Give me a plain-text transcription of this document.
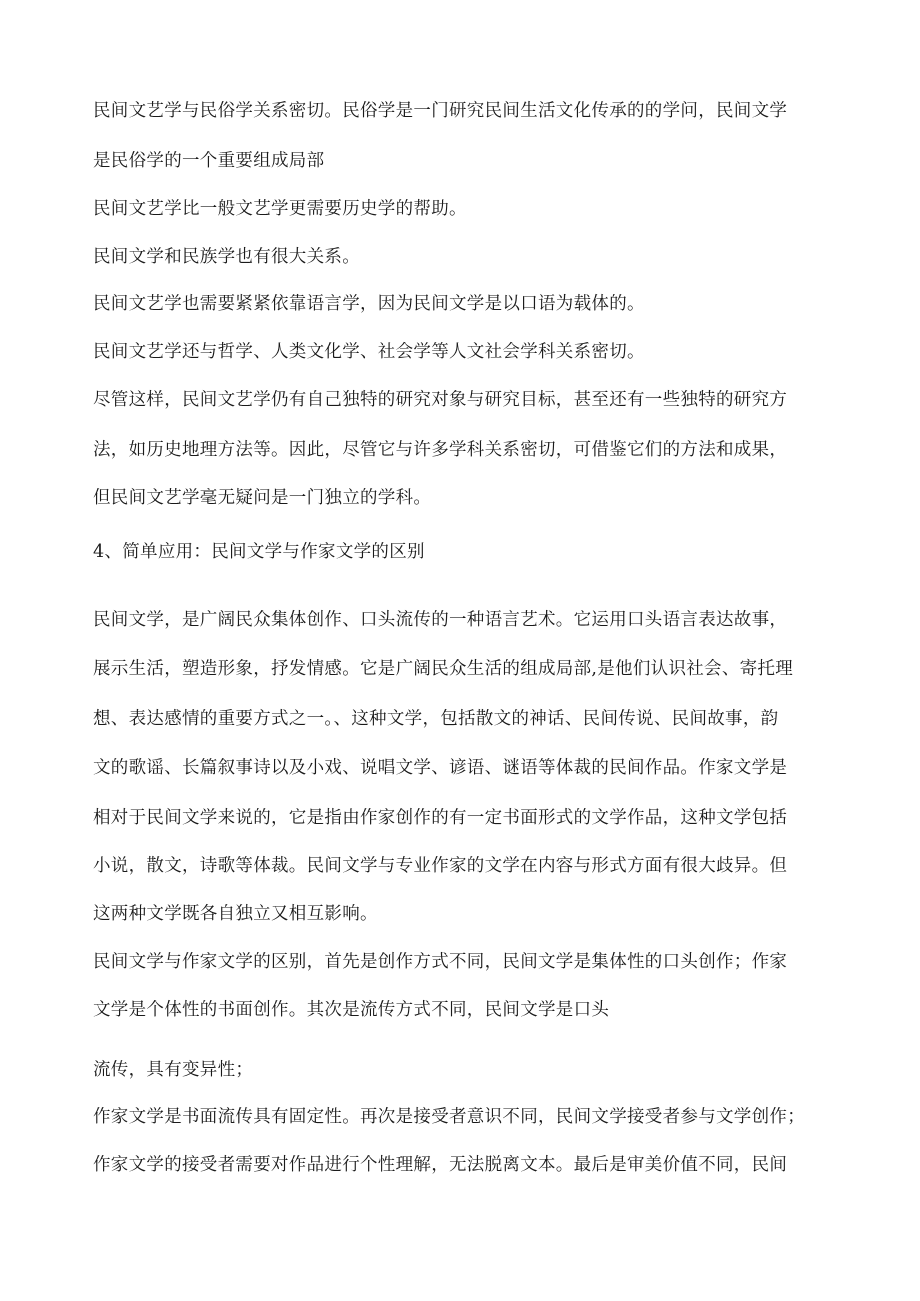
民间文艺学与民俗学关系密切。民俗学是一门研究民间生活文化传承的的学问，民间文学

是民俗学的一个重要组成局部

民间文艺学比一般文艺学更需要历史学的帮助。

民间文学和民族学也有很大关系。

民间文艺学也需要紧紧依靠语言学，因为民间文学是以口语为载体的。

民间文艺学还与哲学、人类文化学、社会学等人文社会学科关系密切。

尽管这样，民间文艺学仍有自己独特的研究对象与研究目标，甚至还有一些独特的研究方

法，如历史地理方法等。因此，尽管它与许多学科关系密切，可借鉴它们的方法和成果，

但民间文艺学毫无疑问是一门独立的学科。

4、简单应用：民间文学与作家文学的区别

民间文学，是广阔民众集体创作、口头流传的一种语言艺术。它运用口头语言表达故事，

展示生活，塑造形象，抒发情感。它是广阔民众生活的组成局部,是他们认识社会、寄托理

想、表达感情的重要方式之一。、这种文学，包括散文的神话、民间传说、民间故事，韵

文的歌谣、长篇叙事诗以及小戏、说唱文学、谚语、谜语等体裁的民间作品。作家文学是

相对于民间文学来说的，它是指由作家创作的有一定书面形式的文学作品，这种文学包括

小说，散文，诗歌等体裁。民间文学与专业作家的文学在内容与形式方面有很大歧异。但

这两种文学既各自独立又相互影响。

民间文学与作家文学的区别，首先是创作方式不同，民间文学是集体性的口头创作；作家

文学是个体性的书面创作。其次是流传方式不同，民间文学是口头

流传，具有变异性；

作家文学是书面流传具有固定性。再次是接受者意识不同，民间文学接受者参与文学创作；

作家文学的接受者需要对作品进行个性理解，无法脱离文本。最后是审美价值不同，民间
